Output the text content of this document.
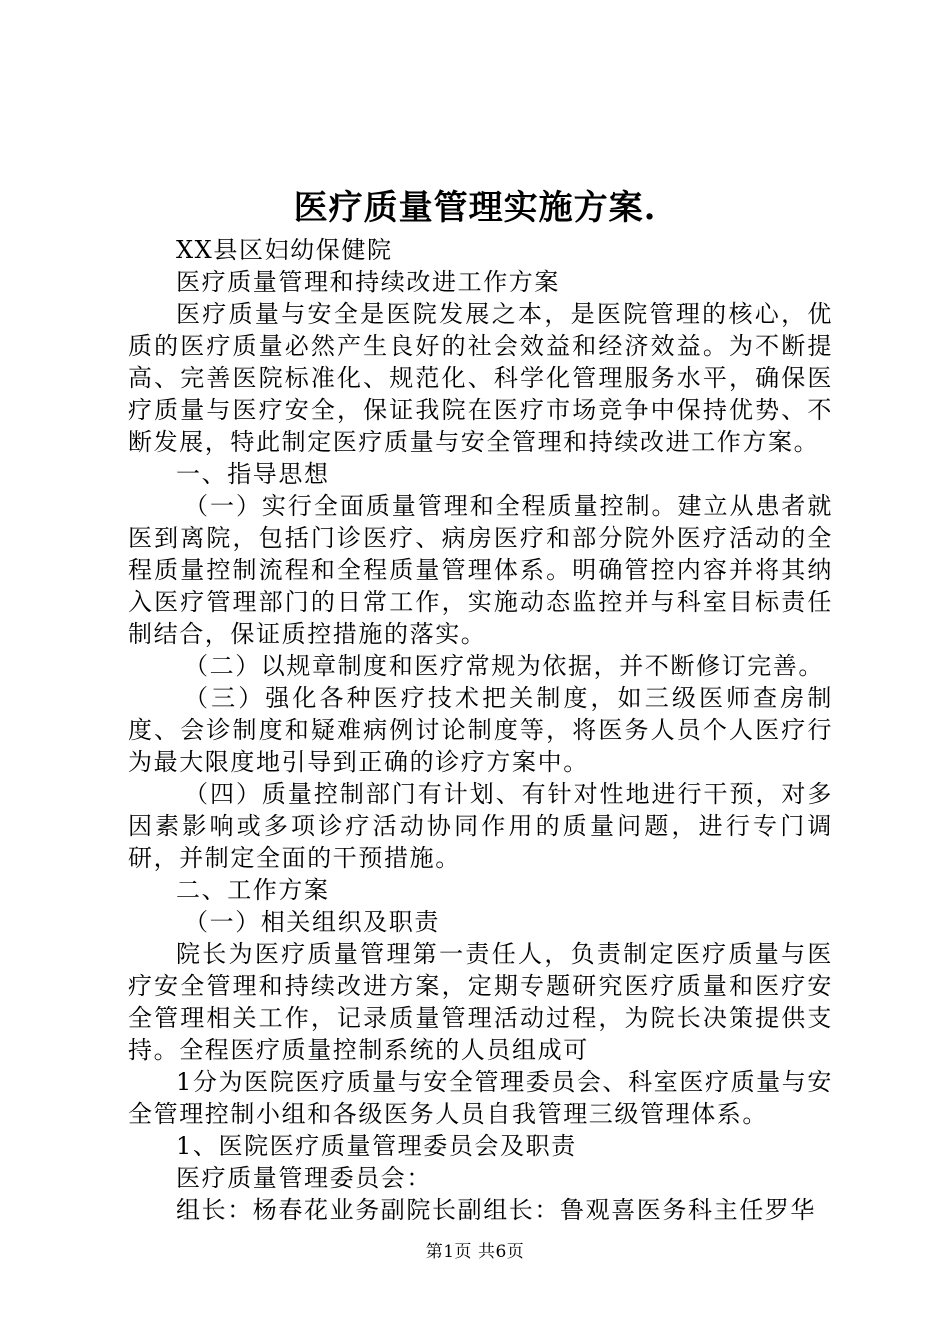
医疗质量管理实施方案.

XX县区妇幼保健院

医疗质量管理和持续改进工作方案

医疗质量与安全是医院发展之本，是医院管理的核心，优质的医疗质量必然产生良好的社会效益和经济效益。为不断提高、完善医院标准化、规范化、科学化管理服务水平，确保医疗质量与医疗安全，保证我院在医疗市场竞争中保持优势、不断发展，特此制定医疗质量与安全管理和持续改进工作方案。

一、指导思想

（一）实行全面质量管理和全程质量控制。建立从患者就医到离院，包括门诊医疗、病房医疗和部分院外医疗活动的全程质量控制流程和全程质量管理体系。明确管控内容并将其纳入医疗管理部门的日常工作，实施动态监控并与科室目标责任制结合，保证质控措施的落实。

（二）以规章制度和医疗常规为依据，并不断修订完善。

（三）强化各种医疗技术把关制度，如三级医师查房制度、会诊制度和疑难病例讨论制度等，将医务人员个人医疗行为最大限度地引导到正确的诊疗方案中。

（四）质量控制部门有计划、有针对性地进行干预，对多因素影响或多项诊疗活动协同作用的质量问题，进行专门调研，并制定全面的干预措施。

二、工作方案

（一）相关组织及职责

院长为医疗质量管理第一责任人，负责制定医疗质量与医疗安全管理和持续改进方案，定期专题研究医疗质量和医疗安全管理相关工作，记录质量管理活动过程，为院长决策提供支持。全程医疗质量控制系统的人员组成可

1分为医院医疗质量与安全管理委员会、科室医疗质量与安全管理控制小组和各级医务人员自我管理三级管理体系。

1、医院医疗质量管理委员会及职责

医疗质量管理委员会：

组长：杨春花业务副院长副组长：鲁观喜医务科主任罗华

第1页 共6页
